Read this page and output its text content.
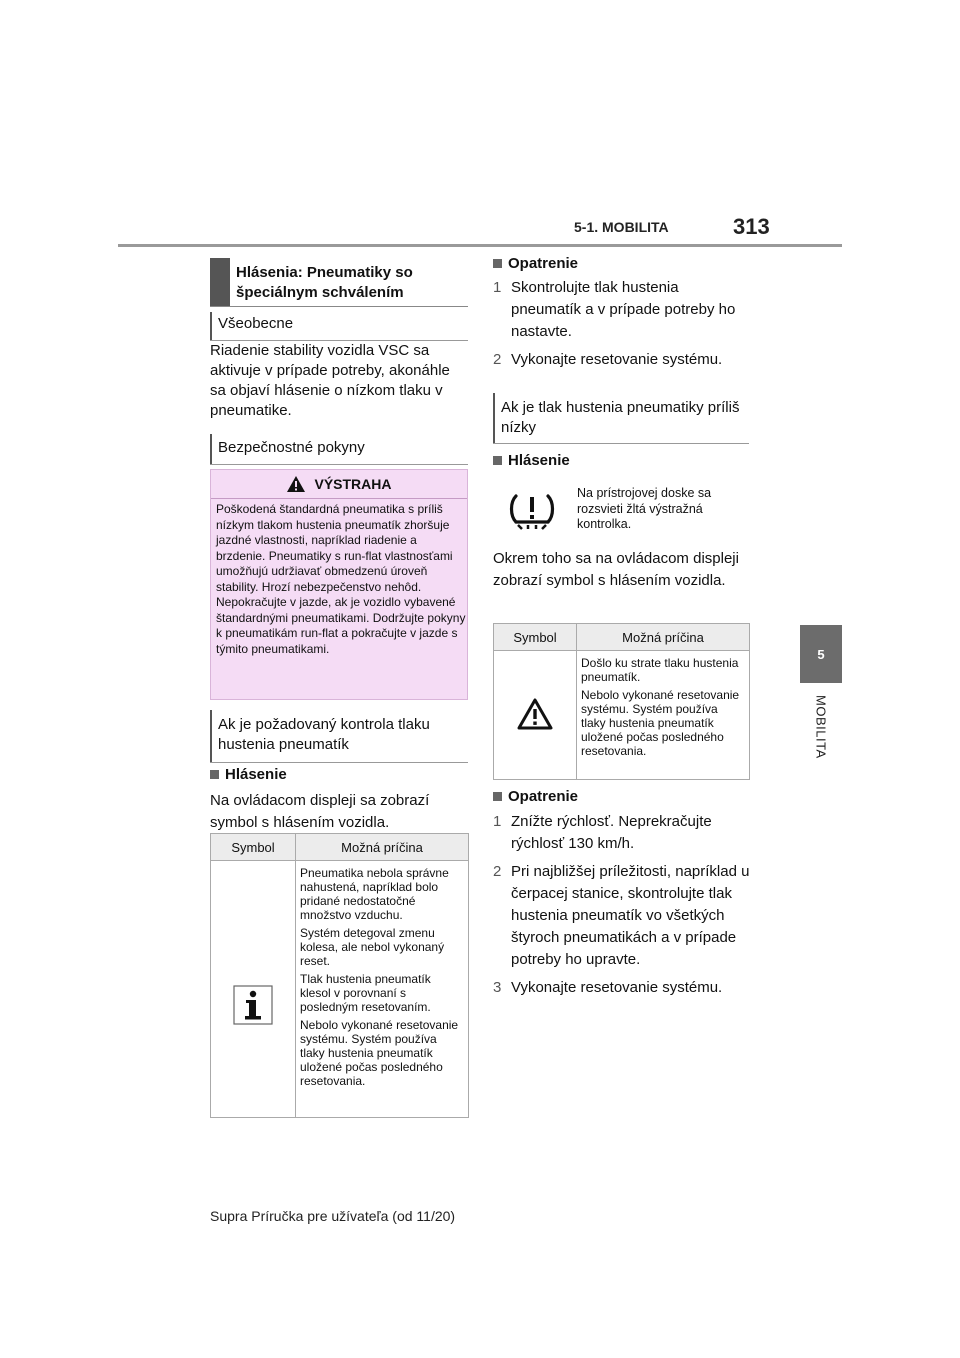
5-1. MOBILITA	313
5
MOBILITA
Hlásenia: Pneumatiky so špeciálnym schválením
Všeobecne
Riadenie stability vozidla VSC sa aktivuje v prípade potreby, akonáhle sa objaví hlásenie o nízkom tlaku v pneumatike.
Bezpečnostné pokyny
VÝSTRAHA
Poškodená štandardná pneumatika s príliš nízkym tlakom hustenia pneumatík zhoršuje jazdné vlastnosti, napríklad riadenie a brzdenie. Pneumatiky s run-flat vlastnosťami umožňujú udržiavať obmedzenú úroveň stability. Hrozí nebezpečenstvo nehôd. Nepokračujte v jazde, ak je vozidlo vybavené štandardnými pneumatikami. Dodržujte pokyny k pneumatikám run-flat a pokračujte v jazde s týmito pneumatikami.
Ak je požadovaný kontrola tlaku hustenia pneumatík
Hlásenie
Na ovládacom displeji sa zobrazí symbol s hlásením vozidla.
Symbol	Možná príčina

Pneumatika nebola správne nahustená, napríklad bolo pridané nedostatočné množstvo vzduchu.

Systém detegoval zmenu kolesa, ale nebol vykonaný reset.

Tlak hustenia pneumatík klesol v porovnaní s posledným resetovaním.

Nebolo vykonané resetovanie systému. Systém používa tlaky hustenia pneumatík uložené počas posledného resetovania.

Opatrenie
1 Skontrolujte tlak hustenia pneumatík a v prípade potreby ho nastavte.
2 Vykonajte resetovanie systému.
Ak je tlak hustenia pneumatiky príliš nízky
Hlásenie
Na prístrojovej doske sa rozsvieti žltá výstražná kontrolka.
Okrem toho sa na ovládacom displeji zobrazí symbol s hlásením vozidla.
Symbol	Možná príčina

Došlo ku strate tlaku hustenia pneumatík.

Nebolo vykonané resetovanie systému. Systém používa tlaky hustenia pneumatík uložené počas posledného resetovania.

Opatrenie
1 Znížte rýchlosť. Neprekračujte rýchlosť 130 km/h.
2 Pri najbližšej príležitosti, napríklad u čerpacej stanice, skontrolujte tlak hustenia pneumatík vo všetkých štyroch pneumatikách a v prípade potreby ho upravte.
3 Vykonajte resetovanie systému.
Supra Príručka pre užívateľa (od 11/20)
